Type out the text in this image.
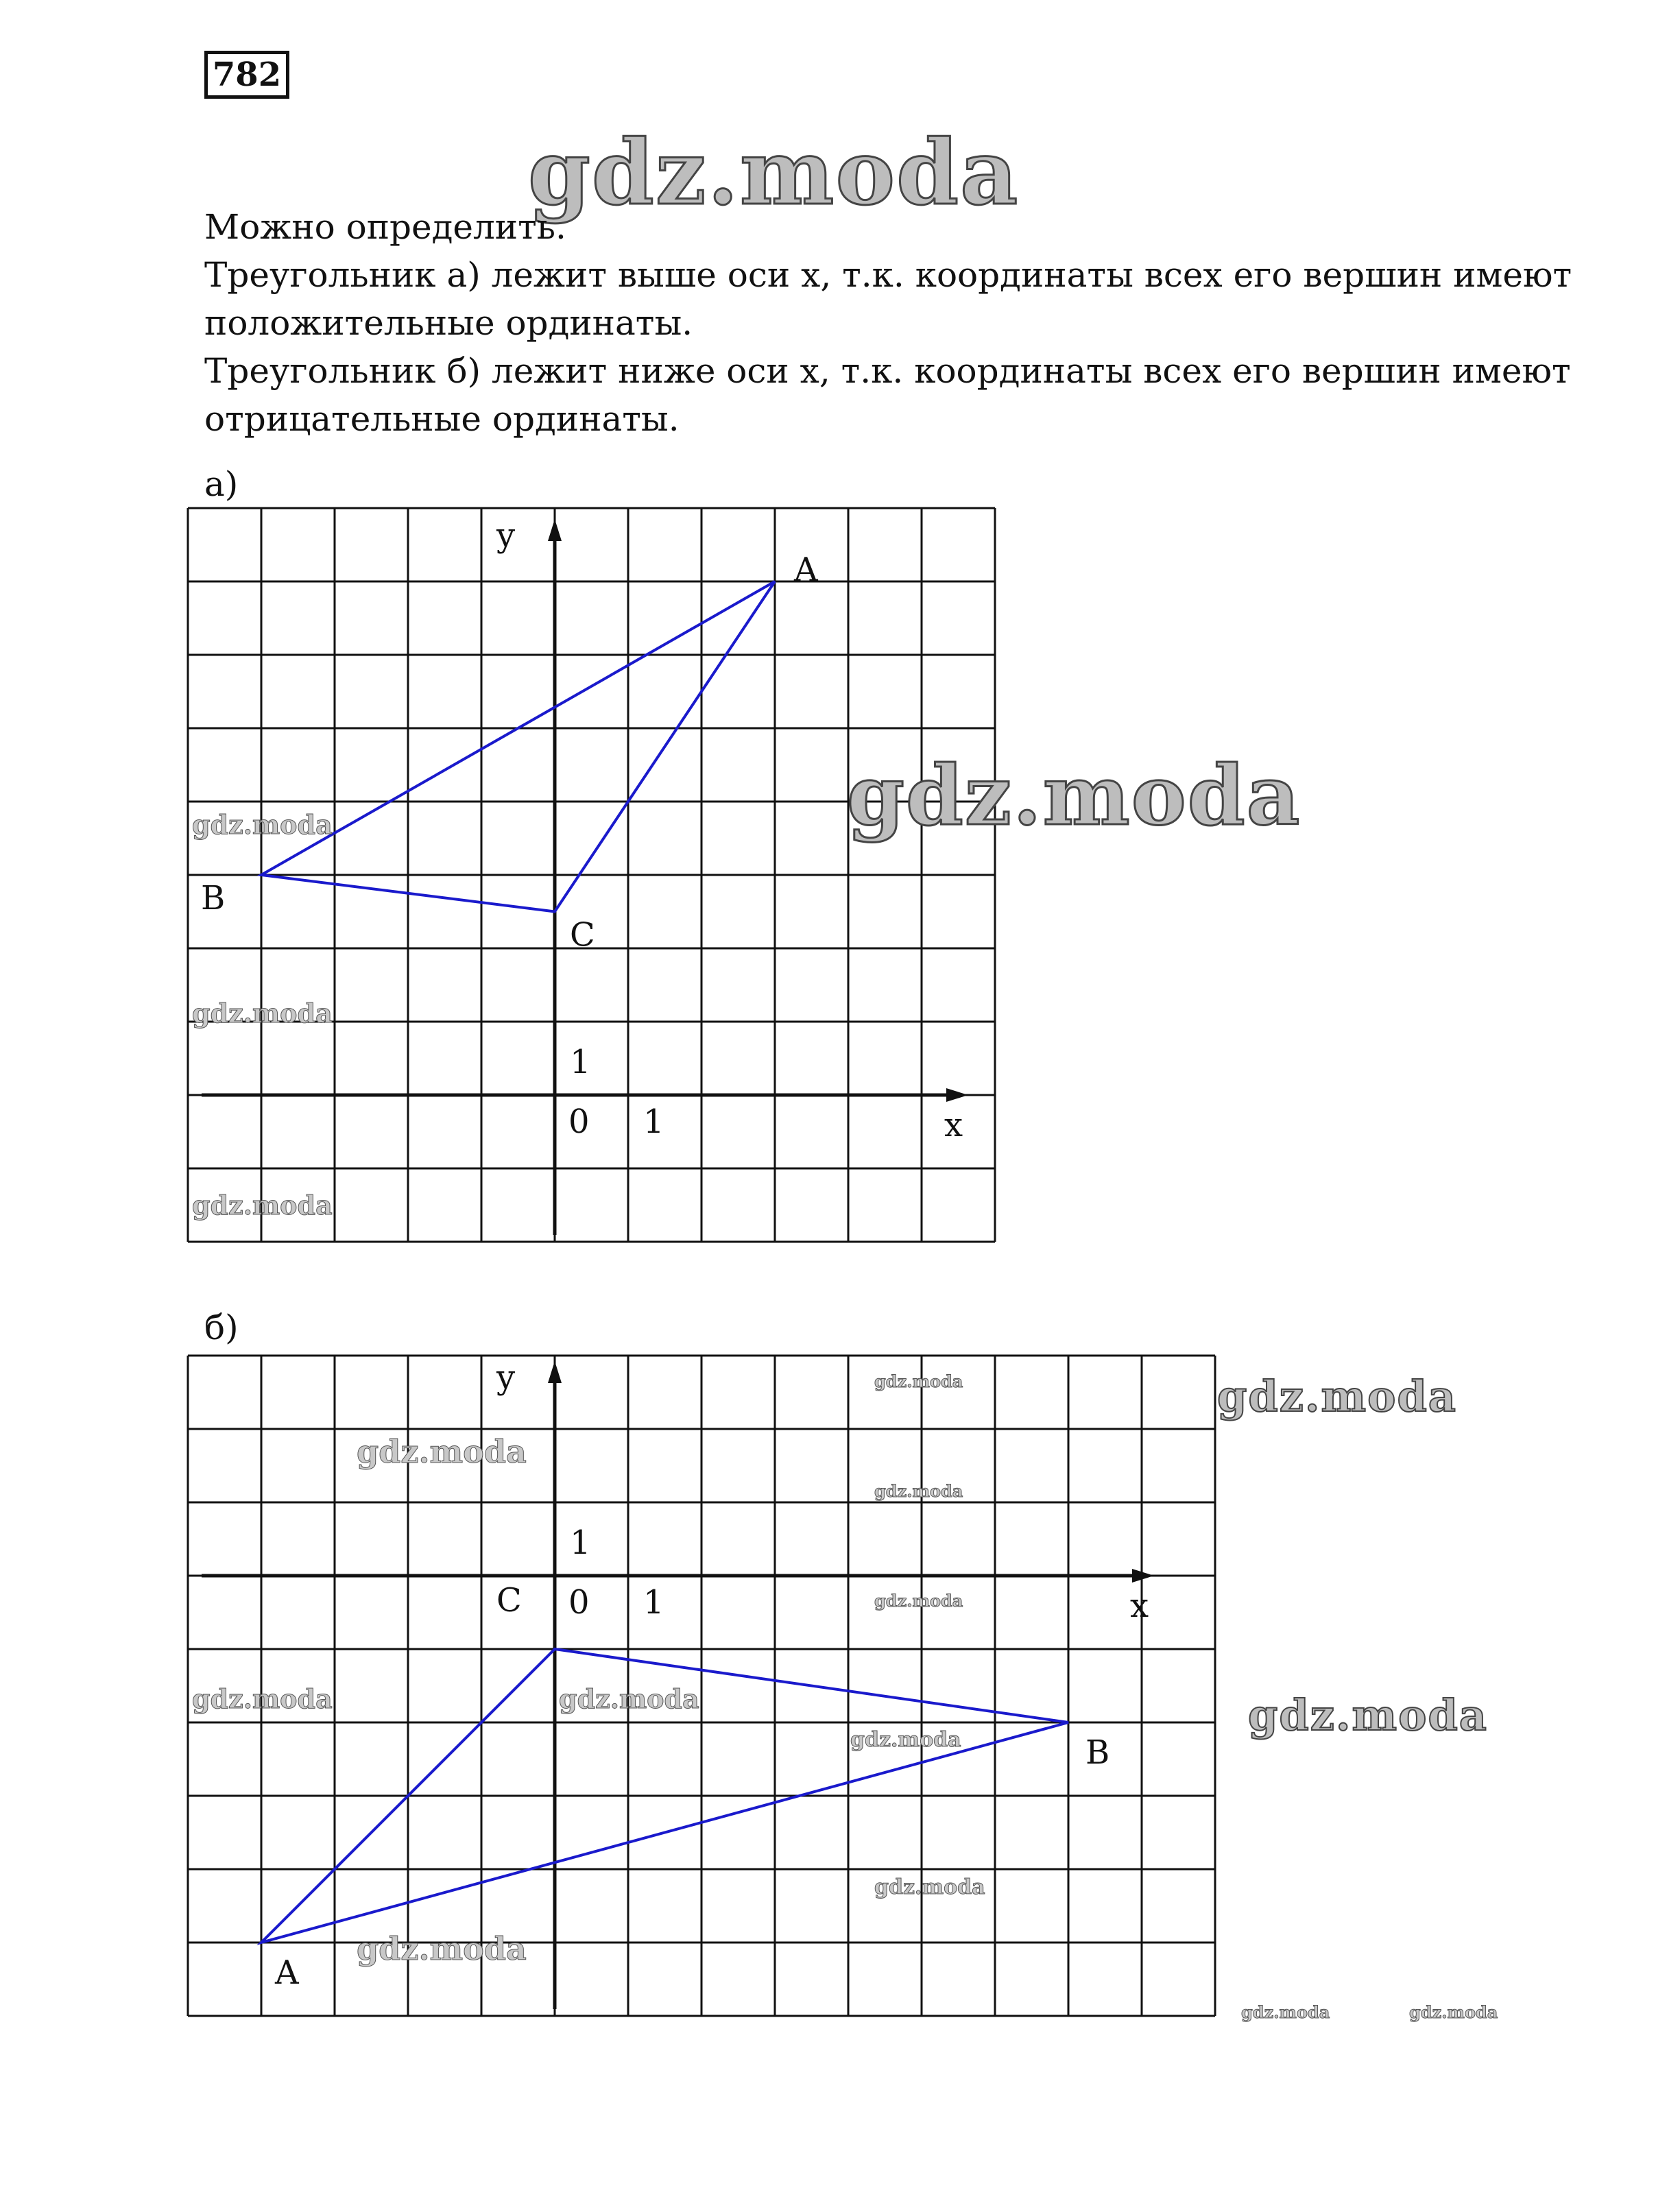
782
gdz.moda
Можно определить.
Треугольник а) лежит выше оси x, т.к. координаты всех его вершин имеют
положительные ординаты.
Треугольник б) лежит ниже оси x, т.к. координаты всех его вершин имеют
отрицательные ординаты.
а)
б)
x
y
0 1
1
A
B
C
x
y
0 1
1
A
B
C
gdz.moda
gdz.moda
gdz.moda
gdz.moda
gdz.moda
gdz.moda
gdz.moda
gdz.moda	gdz.moda
gdz.moda
gdz.moda
gdz.moda
gdz.moda
gdz.moda
gdz.moda
gdz.moda	gdz.moda
